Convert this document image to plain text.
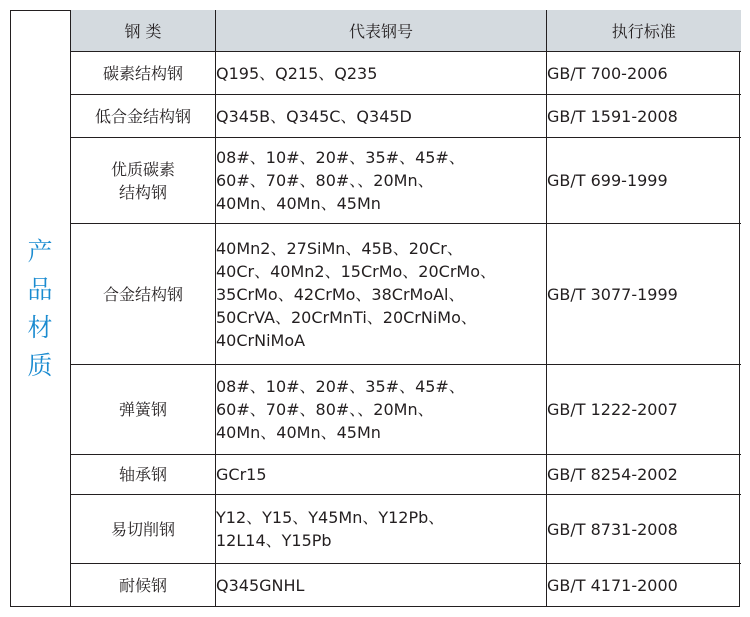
产品材质
钢 类	代表钢号	执行标准
碳素结构钢	Q195、Q215、Q235	GB/T 700-2006
低合金结构钢	Q345B、Q345C、Q345D	GB/T 1591-2008
优质碳素结构钢	08#、10#、20#、35#、45#、
60#、70#、80#、、20Mn、
40Mn、40Mn、45Mn	GB/T 699-1999
合金结构钢	40Mn2、27SiMn、45B、20Cr、
40Cr、40Mn2、15CrMo、20CrMo、
35CrMo、42CrMo、38CrMoAl、
50CrVA、20CrMnTi、20CrNiMo、
40CrNiMoA	GB/T 3077-1999
弹簧钢	08#、10#、20#、35#、45#、
60#、70#、80#、、20Mn、
40Mn、40Mn、45Mn	GB/T 1222-2007
轴承钢	GCr15	GB/T 8254-2002
易切削钢	Y12、Y15、Y45Mn、Y12Pb、
12L14、Y15Pb	GB/T 8731-2008
耐候钢	Q345GNHL	GB/T 4171-2000
